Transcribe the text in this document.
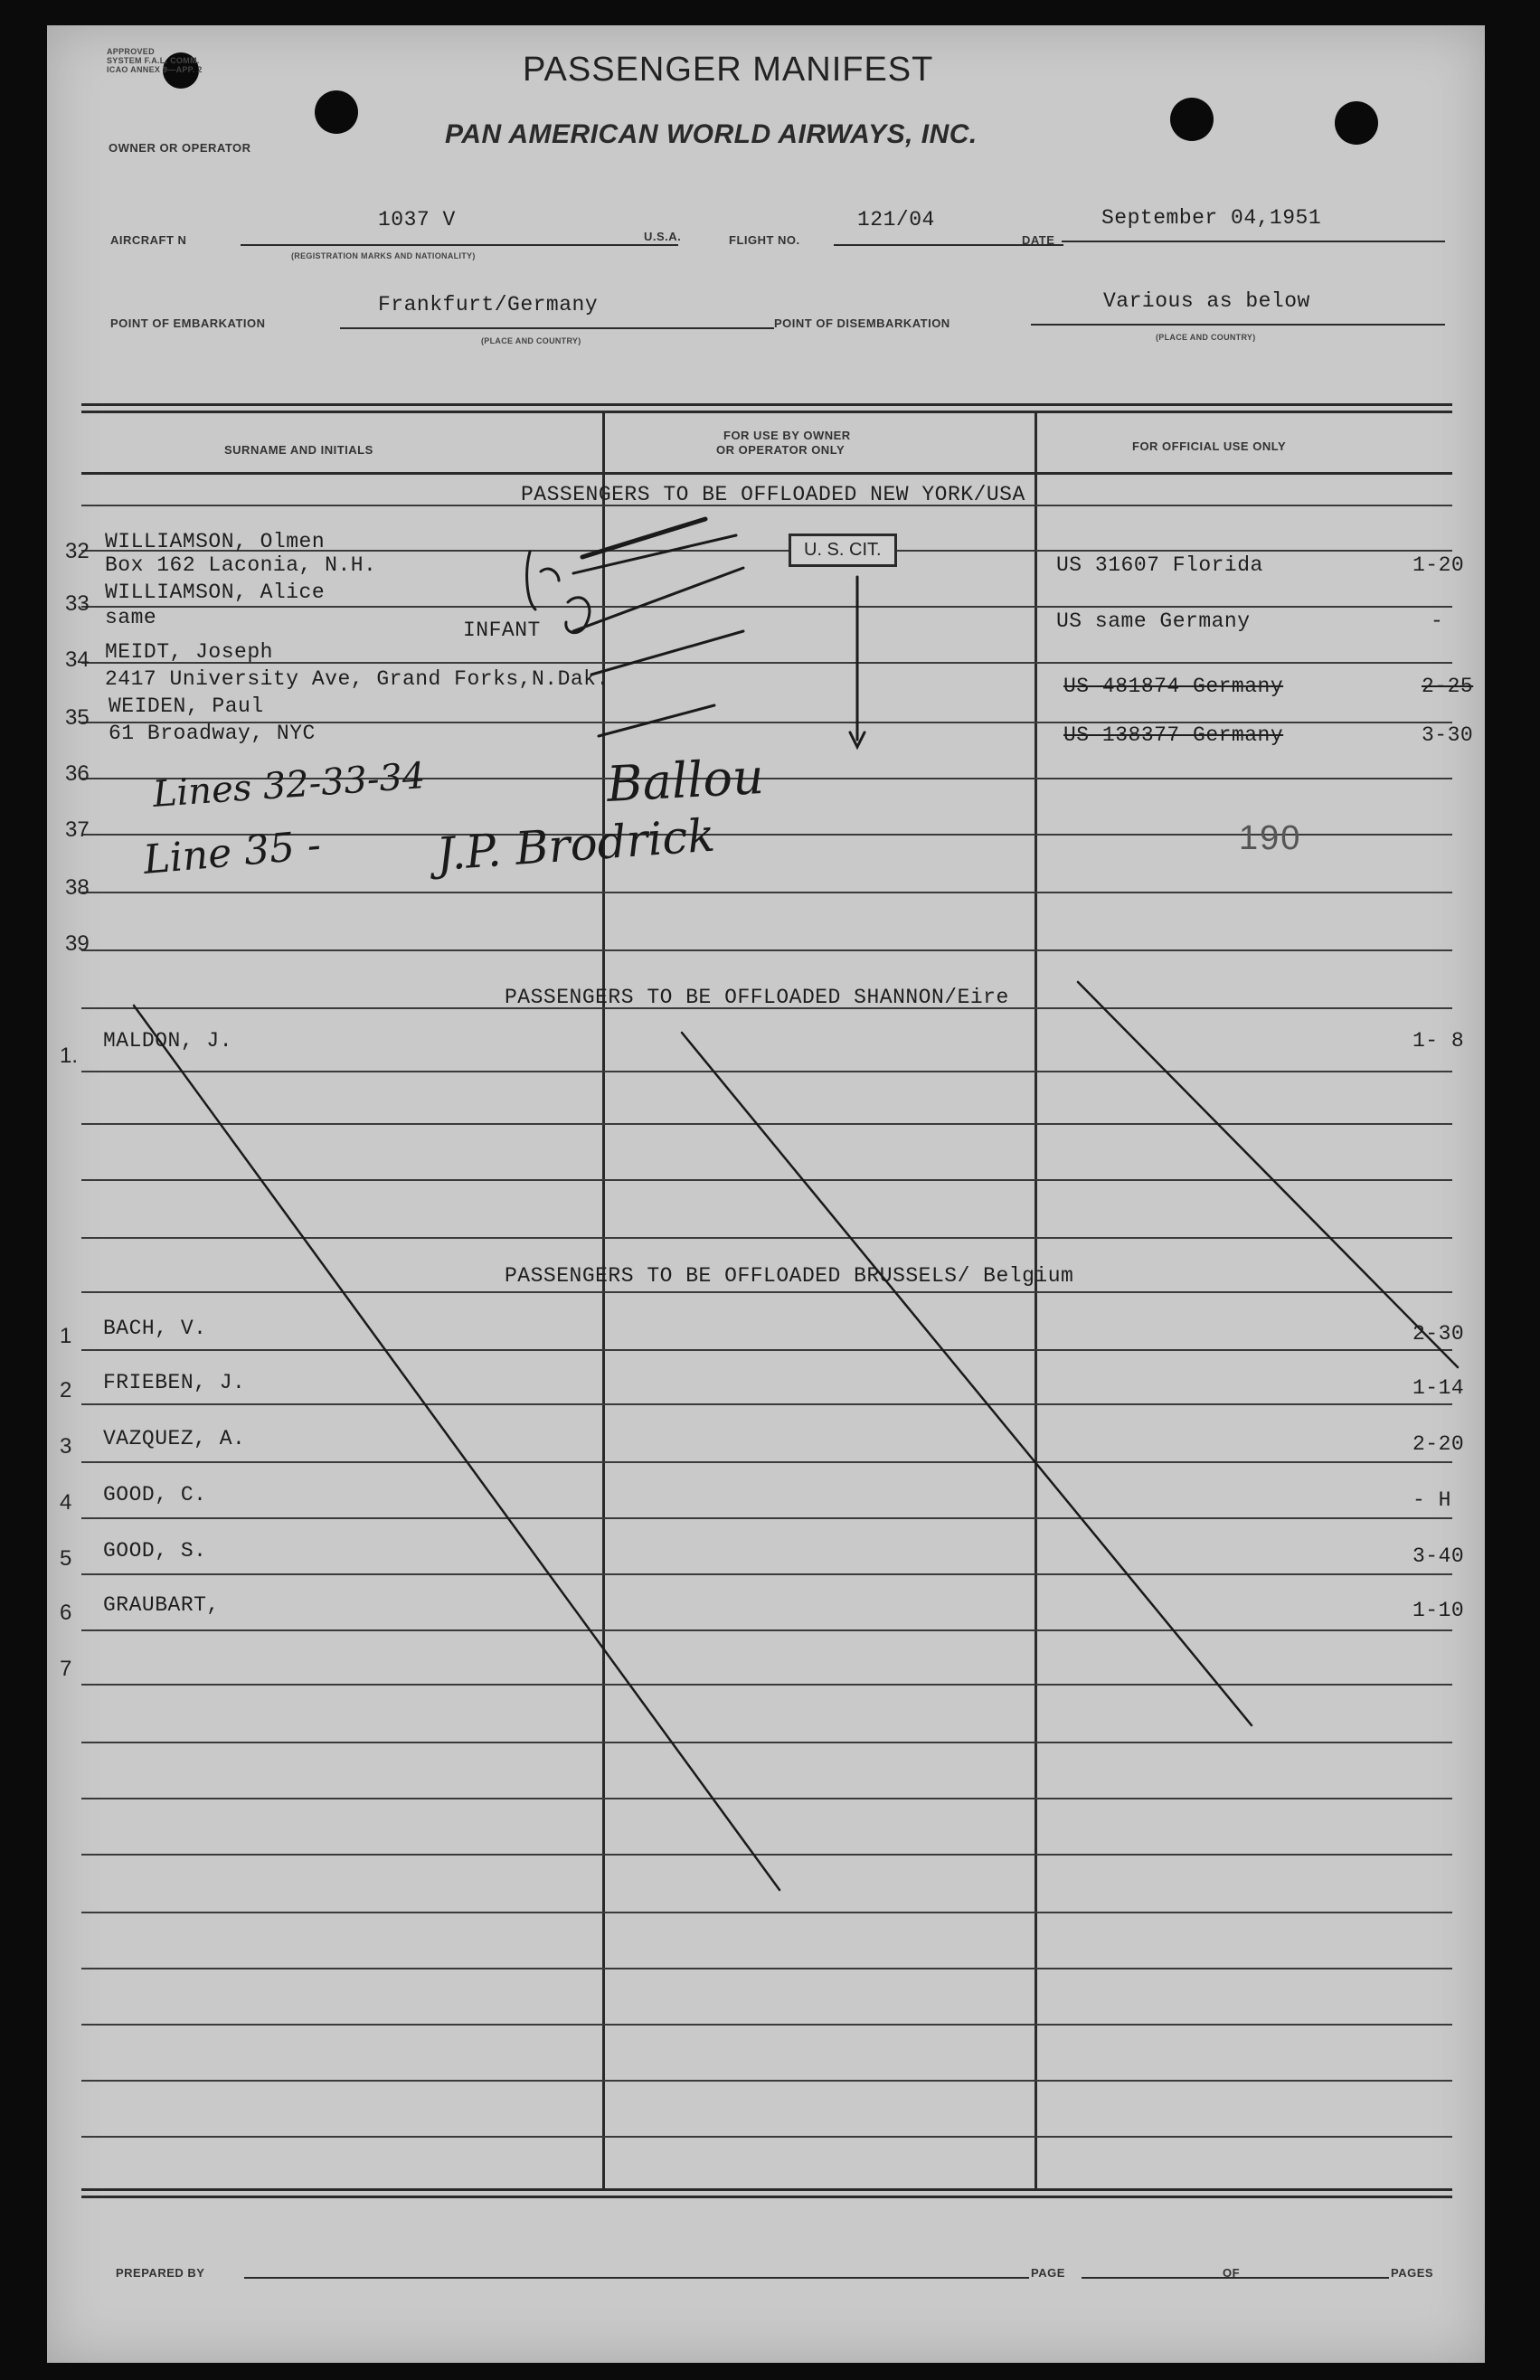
APPROVED
SYSTEM F.A.L. COMM.
ICAO ANNEX 9—APP. 2	PASSENGER MANIFEST
OWNER OR OPERATOR	PAN AMERICAN WORLD AIRWAYS, INC.
AIRCRAFT N
1037 V
(REGISTRATION MARKS AND NATIONALITY)
U.S.A.	FLIGHT NO.
121/04
DATE
September 04,1951
POINT OF EMBARKATION
Frankfurt/Germany
(PLACE AND COUNTRY)
POINT OF DISEMBARKATION
Various as below
(PLACE AND COUNTRY)
SURNAME AND INITIALS
FOR USE BY OWNER
OR OPERATOR ONLY	FOR OFFICIAL USE ONLY
PASSENGERS TO BE OFFLOADED NEW YORK/USA
PASSENGERS TO BE OFFLOADED SHANNON/Eire
PASSENGERS TO BE OFFLOADED BRUSSELS/ Belgium
32 WILLIAMSON, Olmen
Box 162 Laconia, N.H.	US 31607 Florida	1-20
33 WILLIAMSON, Alice
same
INFANT	US same Germany	-
34 MEIDT, Joseph
2417 University Ave, Grand Forks,N.Dak.	US 481874 Germany	2-25
35 WEIDEN, Paul
61 Broadway, NYC	US 138377 Germany	3-30
U. S. CIT.
36
37
38
39
190
1.
MALDON, J.	1- 8
1 BACH, V.	2-30
2 FRIEBEN, J.	1-14
3 VAZQUEZ, A.	2-20
4 GOOD, C.	- H
5 GOOD, S.	3-40
6 GRAUBART,	1-10
7
PREPARED BY	PAGE	OF	PAGES
Lines 32-33-34	Ballou
Line 35 - J.P. Brodrick
